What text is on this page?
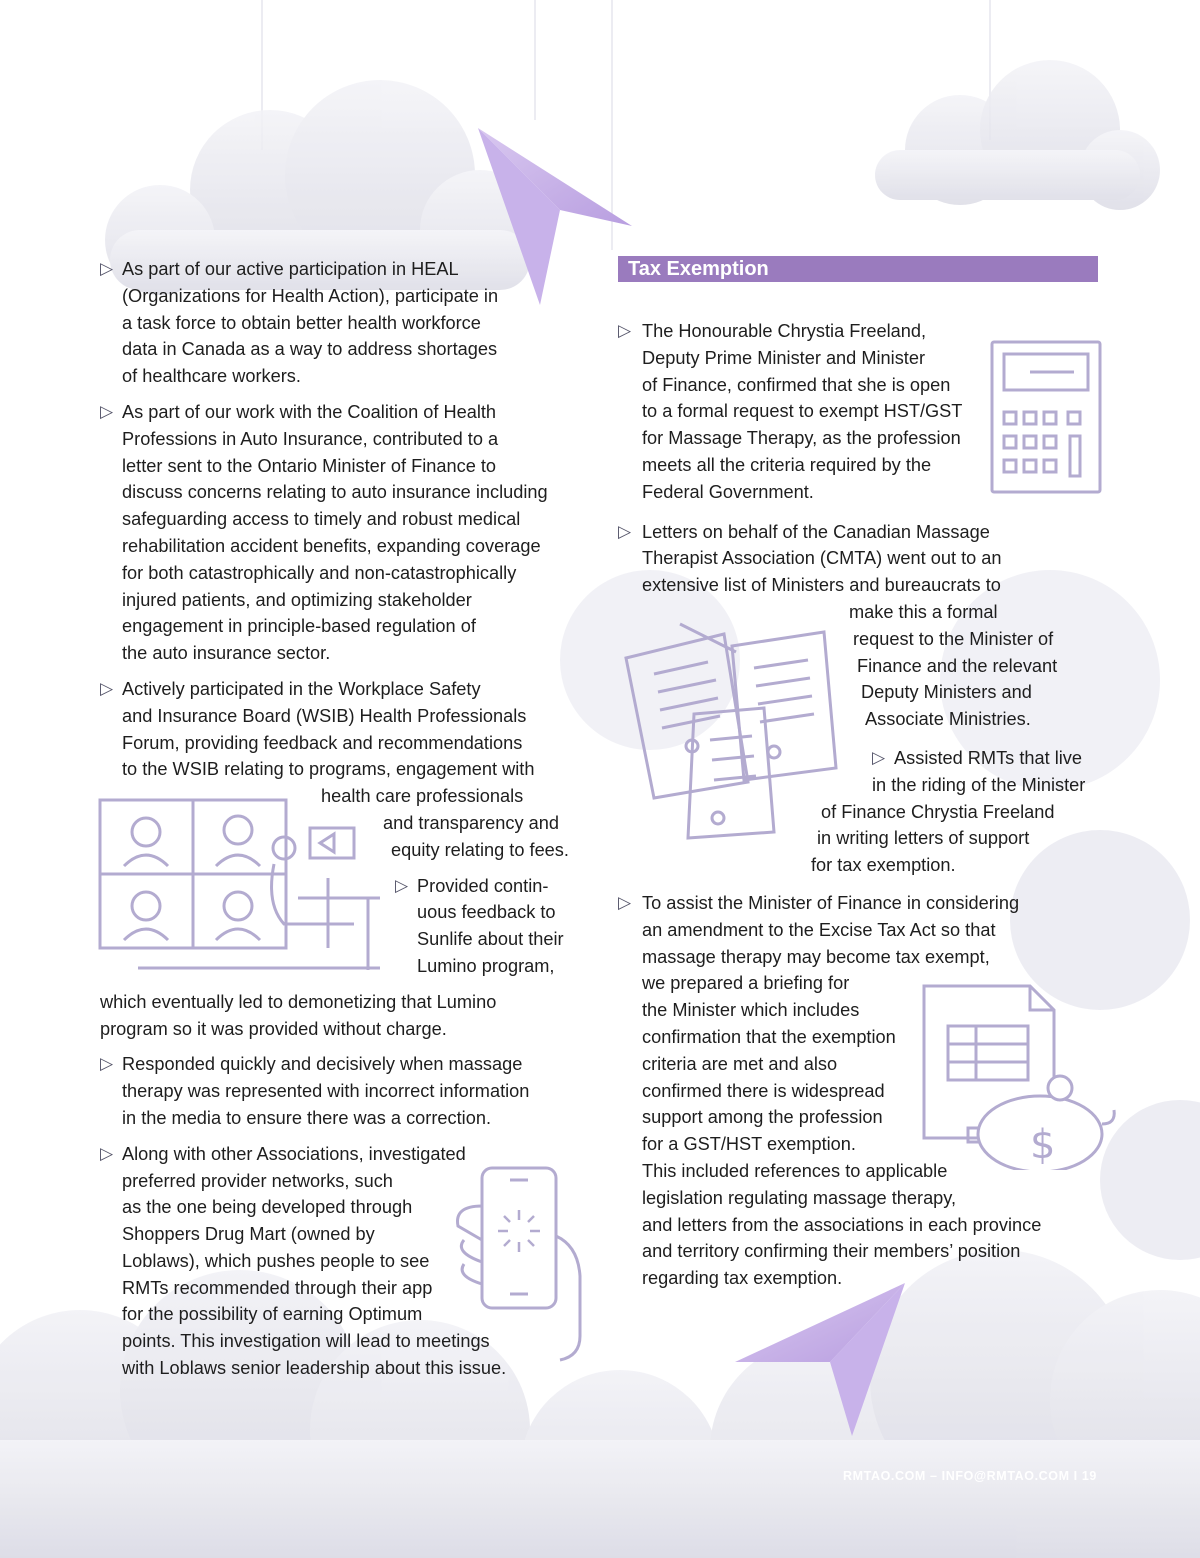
▷ As part of our active participation in HEAL
(Organizations for Health Action), participate in
a task force to obtain better health workforce
data in Canada as a way to address shortages
of healthcare workers.
▷ As part of our work with the Coalition of Health
Professions in Auto Insurance, contributed to a
letter sent to the Ontario Minister of Finance to
discuss concerns relating to auto insurance including
safeguarding access to timely and robust medical
rehabilitation accident benefits, expanding coverage
for both catastrophically and non-catastrophically
injured patients, and optimizing stakeholder
engagement in principle-based regulation of
the auto insurance sector.
▷ Actively participated in the Workplace Safety
and Insurance Board (WSIB) Health Professionals
Forum, providing feedback and recommendations
to the WSIB relating to programs, engagement with
health care professionals
and transparency and
equity relating to fees.
▷ Provided contin-
uous feedback to
Sunlife about their
Lumino program,
which eventually led to demonetizing that Lumino
program so it was provided without charge.
▷ Responded quickly and decisively when massage
therapy was represented with incorrect information
in the media to ensure there was a correction.
▷ Along with other Associations, investigated
preferred provider networks, such
as the one being developed through
Shoppers Drug Mart (owned by
Loblaws), which pushes people to see
RMTs recommended through their app
for the possibility of earning Optimum
points. This investigation will lead to meetings
with Loblaws senior leadership about this issue.
Tax Exemption
▷ The Honourable Chrystia Freeland,
Deputy Prime Minister and Minister
of Finance, confirmed that she is open
to a formal request to exempt HST/GST
for Massage Therapy, as the profession
meets all the criteria required by the
Federal Government.
▷ Letters on behalf of the Canadian Massage
Therapist Association (CMTA) went out to an
extensive list of Ministers and bureaucrats to
make this a formal
request to the Minister of
Finance and the relevant
Deputy Ministers and
Associate Ministries.
▷ Assisted RMTs that live
in the riding of the Minister
of Finance Chrystia Freeland
in writing letters of support
for tax exemption.
▷ To assist the Minister of Finance in considering
an amendment to the Excise Tax Act so that
massage therapy may become tax exempt,
we prepared a briefing for
the Minister which includes
confirmation that the exemption
criteria are met and also
confirmed there is widespread
support among the profession
for a GST/HST exemption.
This included references to applicable
legislation regulating massage therapy,
and letters from the associations in each province
and territory confirming their members’ position
regarding tax exemption.
$
RMTAO.COM – INFO@RMTAO.COM I 19
